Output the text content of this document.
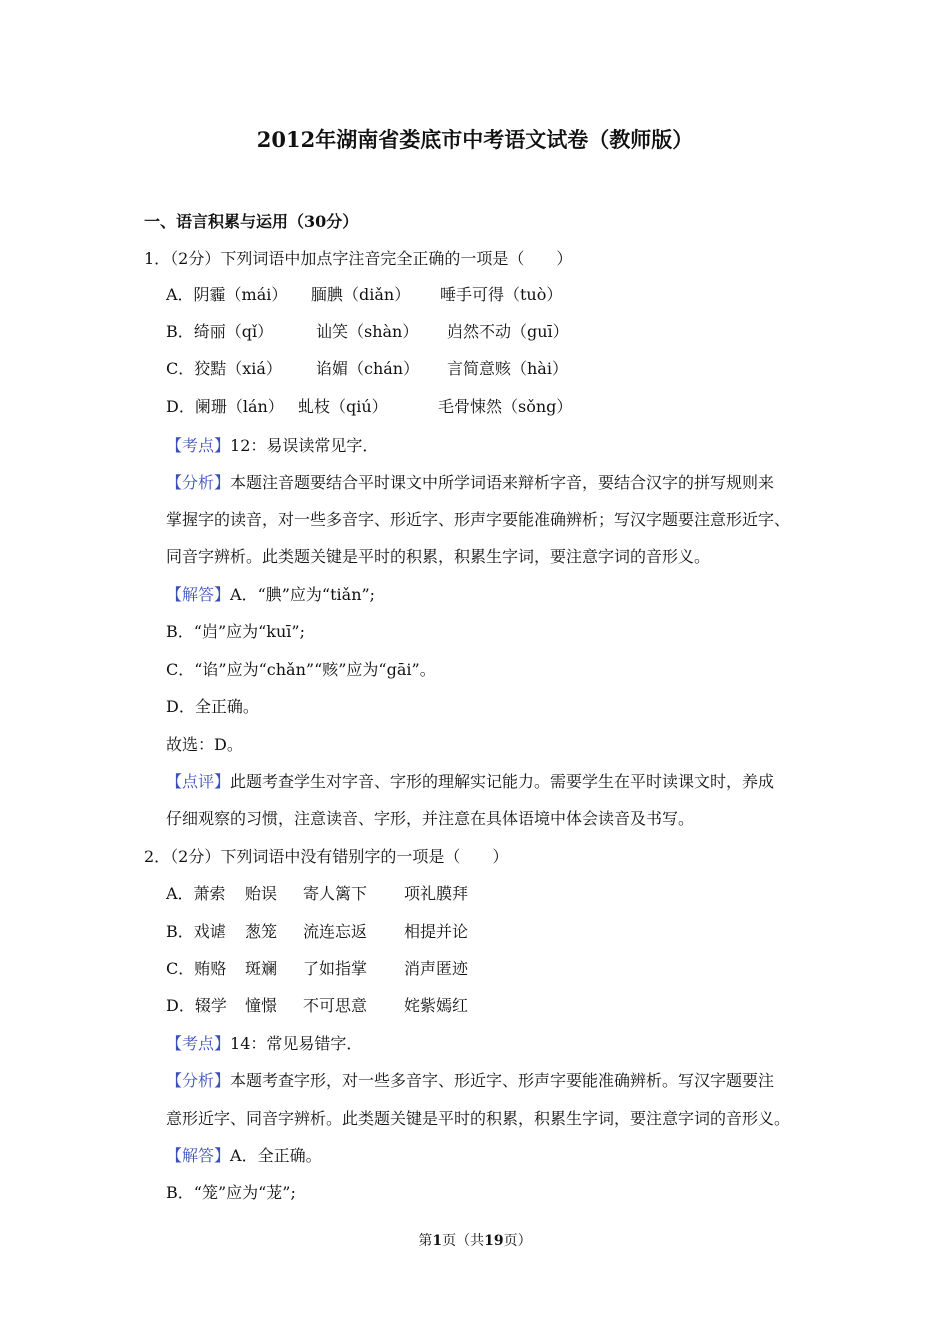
2012年湖南省娄底市中考语文试卷（教师版）
一、语言积累与运用（30分）
1．（2分）下列词语中加点字注音完全正确的一项是（　　）
A．阴霾（mái） 腼腆（diǎn） 唾手可得（tuò）
B．绮丽（qǐ）	讪笑（shàn） 岿然不动（guī）
C．狡黠（xiá） 谄媚（chán） 言简意赅（hài）
D．阑珊（lán） 虬枝（qiú）	毛骨悚然（sǒng）
【考点】12：易误读常见字．
【分析】本题注音题要结合平时课文中所学词语来辩析字音，要结合汉字的拼写规则来
掌握字的读音，对一些多音字、形近字、形声字要能准确辨析；写汉字题要注意形近字、
同音字辨析。此类题关键是平时的积累，积累生字词，要注意字词的音形义。
【解答】A．“腆”应为“tiǎn”;
B．“岿”应为“kuī”;
C．“谄”应为“chǎn”“赅”应为“gāi”。
D．全正确。
故选：D。
【点评】此题考查学生对字音、字形的理解实记能力。需要学生在平时读课文时，养成
仔细观察的习惯，注意读音、字形，并注意在具体语境中体会读音及书写。
2．（2分）下列词语中没有错别字的一项是（　　）
A．萧索 贻误 寄人篱下 项礼膜拜
B．戏谑 葱笼 流连忘返 相提并论
C．贿赂 斑斓 了如指掌 消声匿迹
D．辍学 憧憬 不可思意 姹紫嫣红
【考点】14：常见易错字．
【分析】本题考查字形，对一些多音字、形近字、形声字要能准确辨析。写汉字题要注
意形近字、同音字辨析。此类题关键是平时的积累，积累生字词，要注意字词的音形义。
【解答】A．全正确。
B．“笼”应为“茏”;
第1页（共19页）
